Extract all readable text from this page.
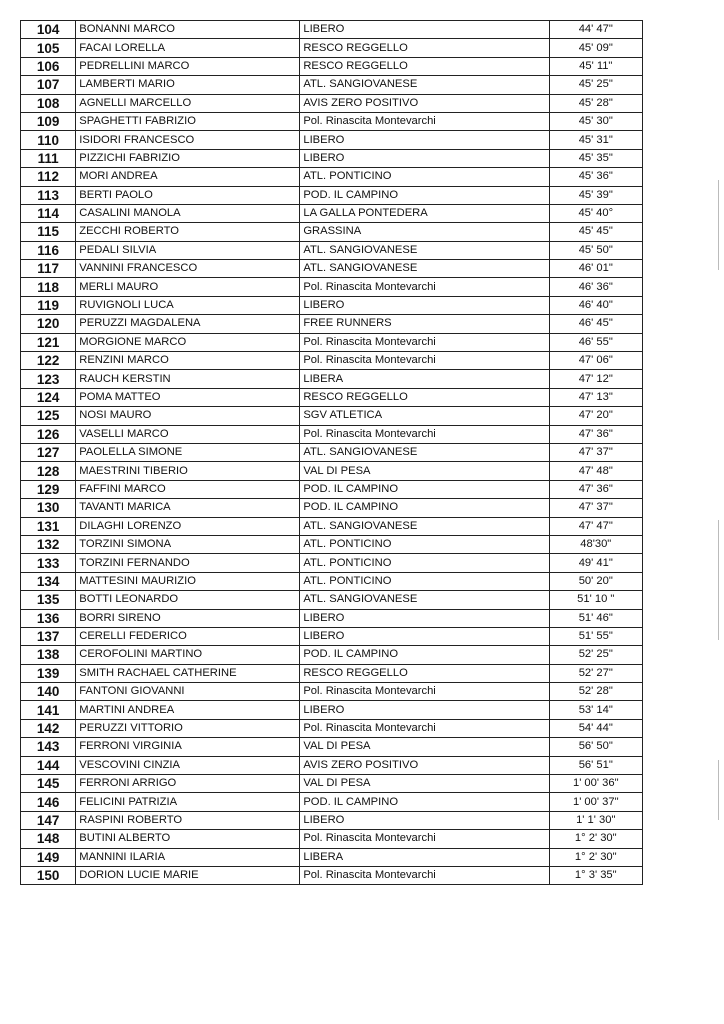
104	BONANNI MARCO	LIBERO	44' 47"
105	FACAI LORELLA	RESCO REGGELLO	45' 09"
106	PEDRELLINI MARCO	RESCO REGGELLO	45' 11"
107	LAMBERTI MARIO	ATL. SANGIOVANESE	45' 25"
108	AGNELLI MARCELLO	AVIS ZERO POSITIVO	45' 28"
109	SPAGHETTI FABRIZIO	Pol. Rinascita Montevarchi	45' 30"
110	ISIDORI FRANCESCO	LIBERO	45' 31"
111	PIZZICHI FABRIZIO	LIBERO	45' 35"
112	MORI ANDREA	ATL. PONTICINO	45' 36"
113	BERTI PAOLO	POD. IL CAMPINO	45' 39"
114	CASALINI MANOLA	LA GALLA PONTEDERA	45' 40°
115	ZECCHI ROBERTO	GRASSINA	45' 45"
116	PEDALI SILVIA	ATL. SANGIOVANESE	45' 50"
117	VANNINI FRANCESCO	ATL. SANGIOVANESE	46' 01"
118	MERLI MAURO	Pol. Rinascita Montevarchi	46' 36"
119	RUVIGNOLI LUCA	LIBERO	46' 40"
120	PERUZZI MAGDALENA	FREE RUNNERS	46' 45"
121	MORGIONE MARCO	Pol. Rinascita Montevarchi	46' 55"
122	RENZINI MARCO	Pol. Rinascita Montevarchi	47' 06"
123	RAUCH KERSTIN	LIBERA	47' 12"
124	POMA MATTEO	RESCO REGGELLO	47' 13"
125	NOSI MAURO	SGV ATLETICA	47' 20"
126	VASELLI MARCO	Pol. Rinascita Montevarchi	47' 36"
127	PAOLELLA SIMONE	ATL. SANGIOVANESE	47' 37"
128	MAESTRINI TIBERIO	VAL DI PESA	47' 48"
129	FAFFINI MARCO	POD. IL CAMPINO	47' 36"
130	TAVANTI MARICA	POD. IL CAMPINO	47' 37"
131	DILAGHI LORENZO	ATL. SANGIOVANESE	47' 47"
132	TORZINI SIMONA	ATL. PONTICINO	48'30"
133	TORZINI FERNANDO	ATL. PONTICINO	49' 41"
134	MATTESINI MAURIZIO	ATL. PONTICINO	50' 20"
135	BOTTI LEONARDO	ATL. SANGIOVANESE	51' 10 "
136	BORRI SIRENO	LIBERO	51' 46"
137	CERELLI FEDERICO	LIBERO	51' 55"
138	CEROFOLINI MARTINO	POD. IL CAMPINO	52' 25"
139	SMITH RACHAEL CATHERINE	RESCO REGGELLO	52' 27"
140	FANTONI GIOVANNI	Pol. Rinascita Montevarchi	52' 28"
141	MARTINI ANDREA	LIBERO	53' 14"
142	PERUZZI VITTORIO	Pol. Rinascita Montevarchi	54' 44"
143	FERRONI VIRGINIA	VAL DI PESA	56' 50"
144	VESCOVINI CINZIA	AVIS ZERO POSITIVO	56' 51"
145	FERRONI ARRIGO	VAL DI PESA	1' 00' 36"
146	FELICINI PATRIZIA	POD. IL CAMPINO	1' 00' 37"
147	RASPINI ROBERTO	LIBERO	1' 1' 30"
148	BUTINI ALBERTO	Pol. Rinascita Montevarchi	1° 2' 30"
149	MANNINI ILARIA	LIBERA	1° 2' 30"
150	DORION LUCIE MARIE	Pol. Rinascita Montevarchi	1° 3' 35"
